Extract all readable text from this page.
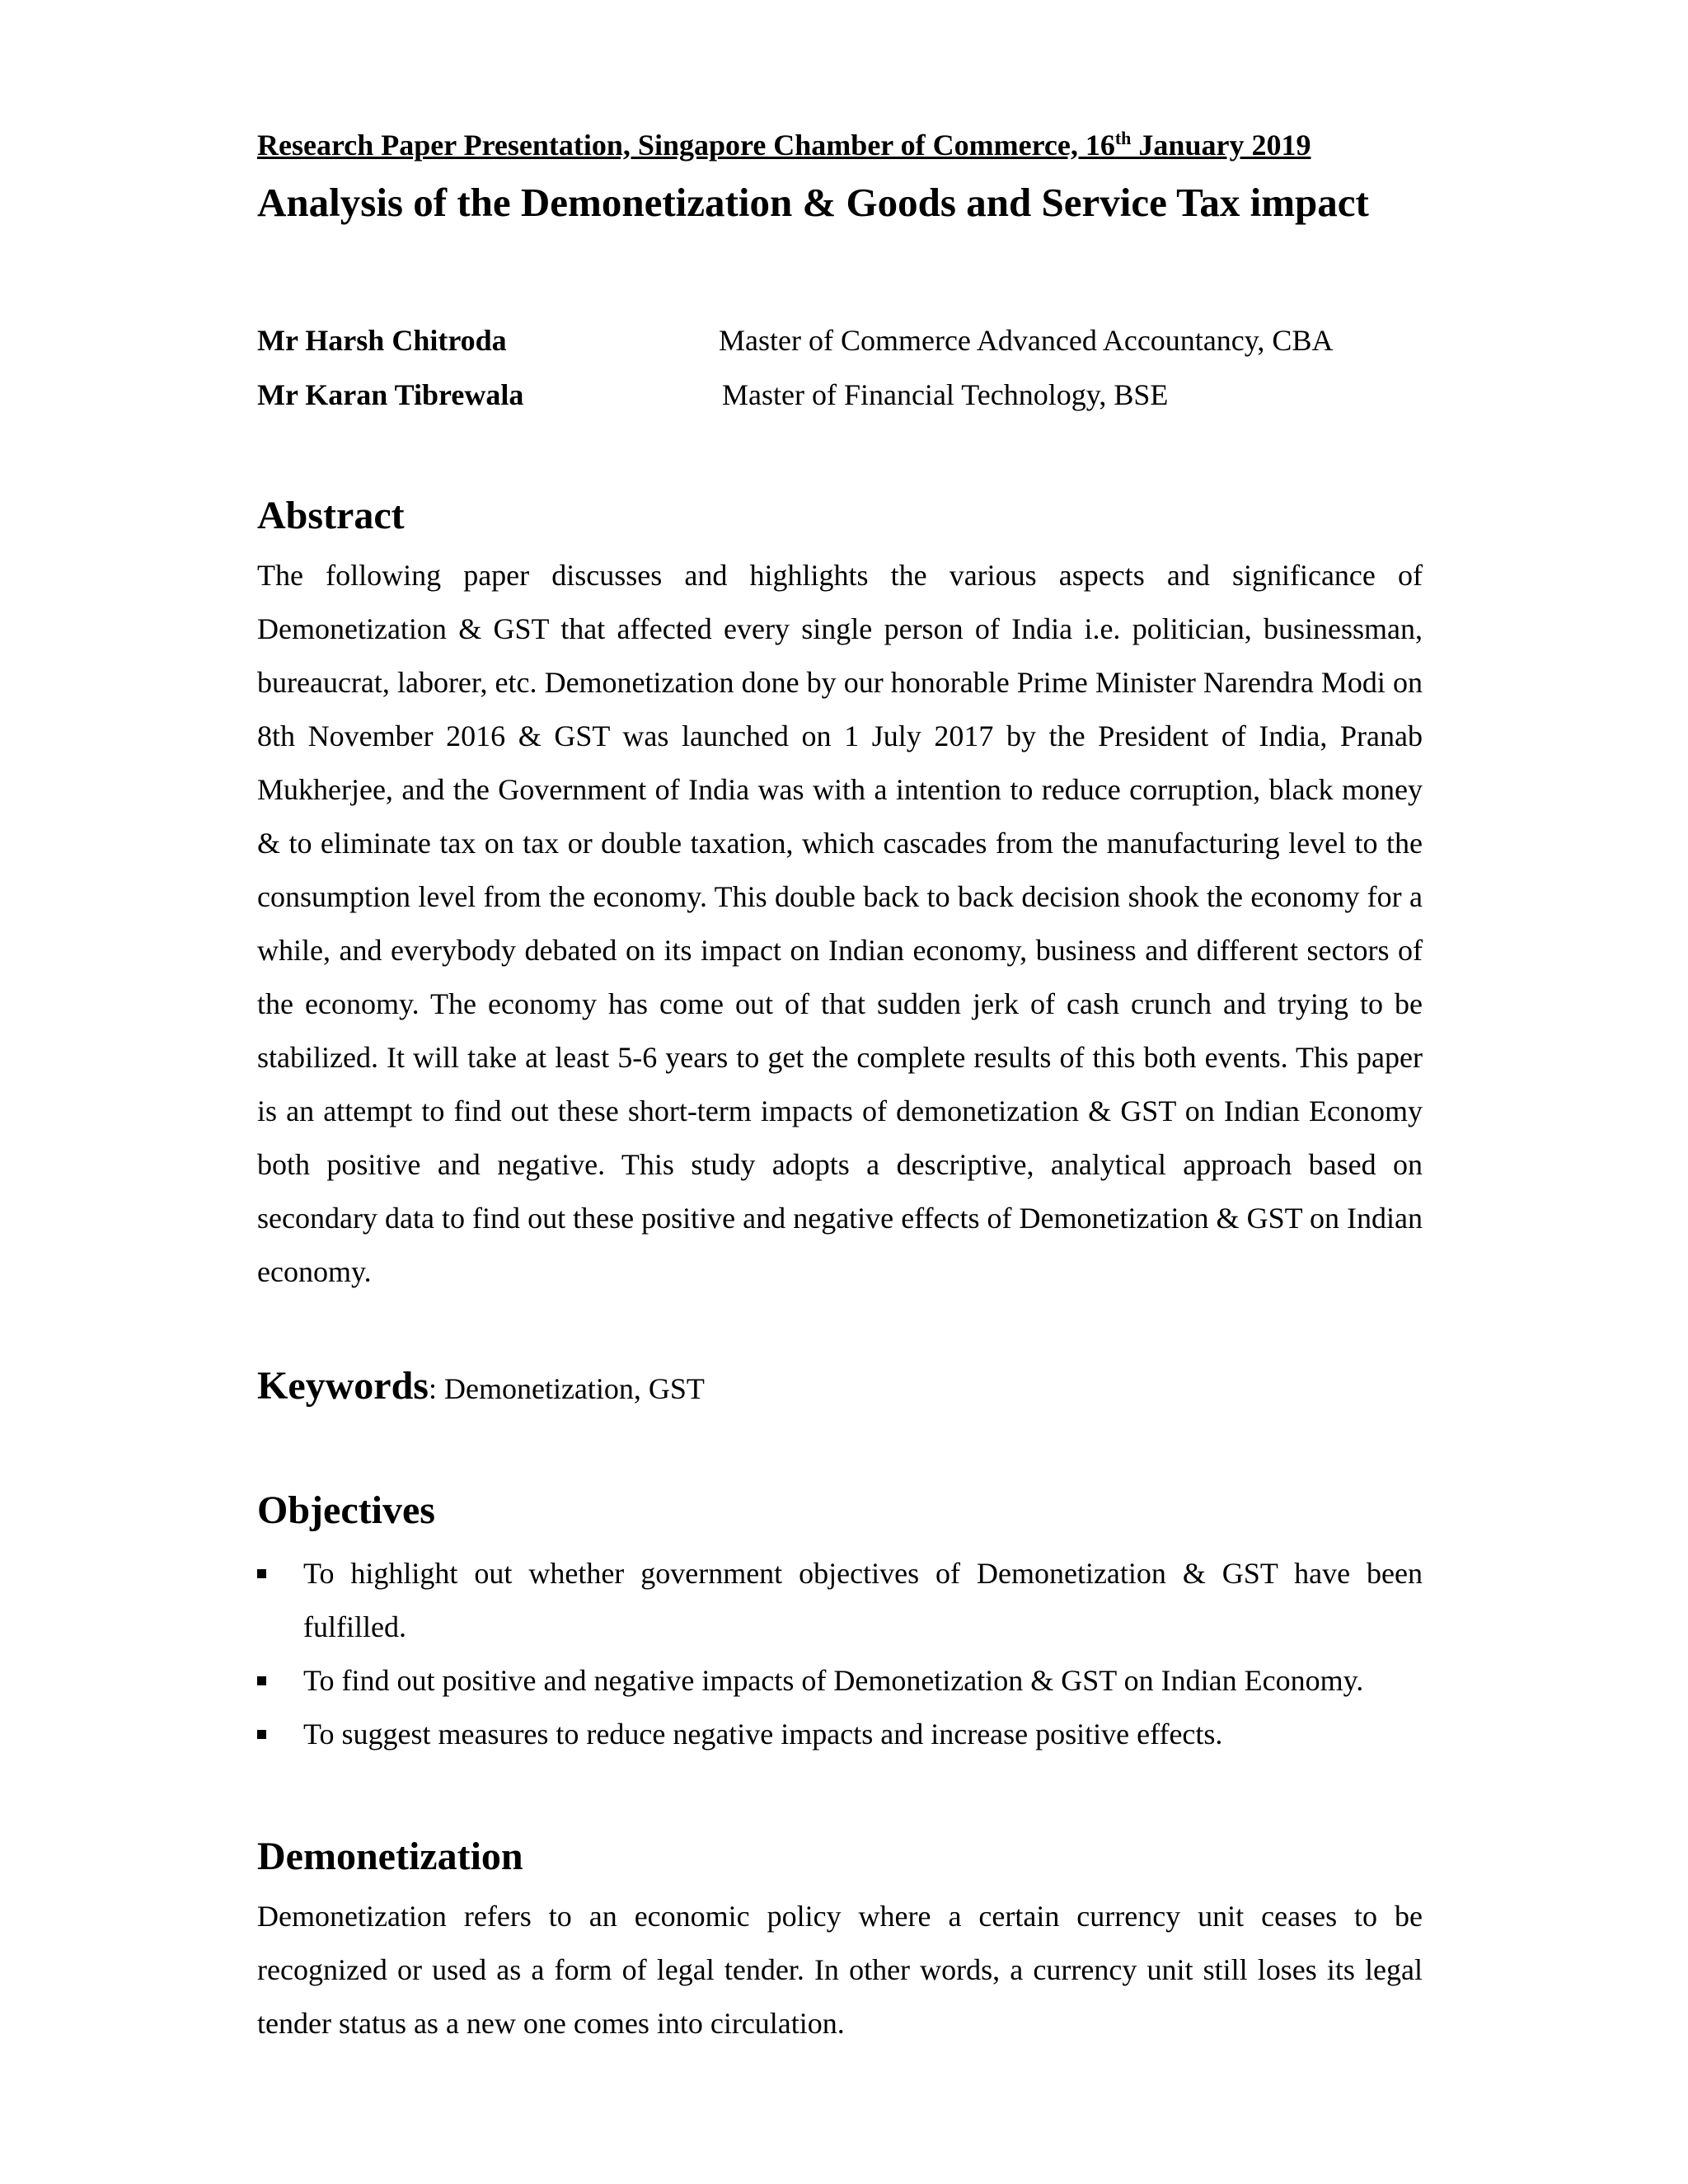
Research Paper Presentation, Singapore Chamber of Commerce, 16th January 2019
Analysis of the Demonetization & Goods and Service Tax impact
Mr Harsh Chitroda	Master of Commerce Advanced Accountancy, CBA
Mr Karan Tibrewala	Master of Financial Technology, BSE
Abstract

The following paper discusses and highlights the various aspects and significance of Demonetization & GST that affected every single person of India i.e. politician, businessman, bureaucrat, laborer, etc. Demonetization done by our honorable Prime Minister Narendra Modi on 8th November 2016 & GST was launched on 1 July 2017 by the President of India, Pranab Mukherjee, and the Government of India was with a intention to reduce corruption, black money & to eliminate tax on tax or double taxation, which cascades from the manufacturing level to the consumption level from the economy. This double back to back decision shook the economy for a while, and everybody debated on its impact on Indian economy, business and different sectors of the economy. The economy has come out of that sudden jerk of cash crunch and trying to be stabilized. It will take at least 5-6 years to get the complete results of this both events. This paper is an attempt to find out these short-term impacts of demonetization & GST on Indian Economy both positive and negative. This study adopts a descriptive, analytical approach based on secondary data to find out these positive and negative effects of Demonetization & GST on Indian economy.

Keywords: Demonetization, GST
Objectives
To highlight out whether government objectives of Demonetization & GST have been fulfilled.
To find out positive and negative impacts of Demonetization & GST on Indian Economy.
To suggest measures to reduce negative impacts and increase positive effects.
Demonetization

Demonetization refers to an economic policy where a certain currency unit ceases to be recognized or used as a form of legal tender. In other words, a currency unit still loses its legal tender status as a new one comes into circulation.
